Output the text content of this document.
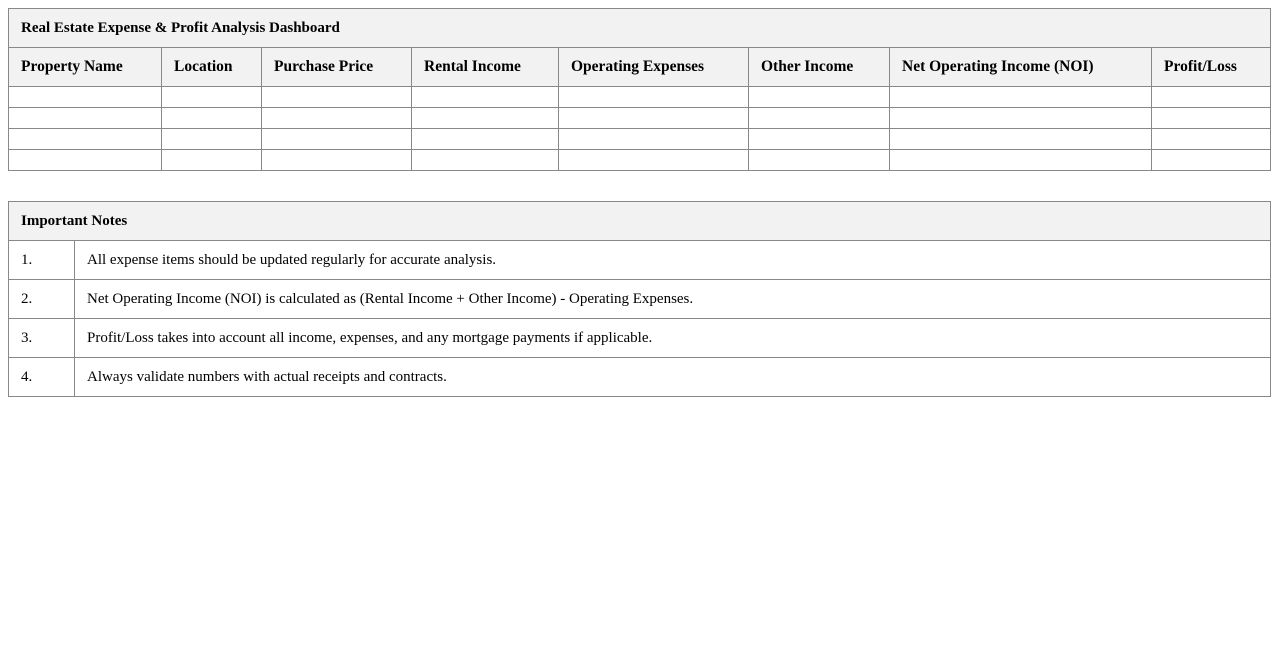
Real Estate Expense & Profit Analysis Dashboard							
Property Name	Location	Purchase Price	Rental Income	Operating Expenses	Other Income	Net Operating Income (NOI)	Profit/Loss

Important Notes	
1.	All expense items should be updated regularly for accurate analysis.
2.	Net Operating Income (NOI) is calculated as (Rental Income + Other Income) - Operating Expenses.
3.	Profit/Loss takes into account all income, expenses, and any mortgage payments if applicable.
4.	Always validate numbers with actual receipts and contracts.
